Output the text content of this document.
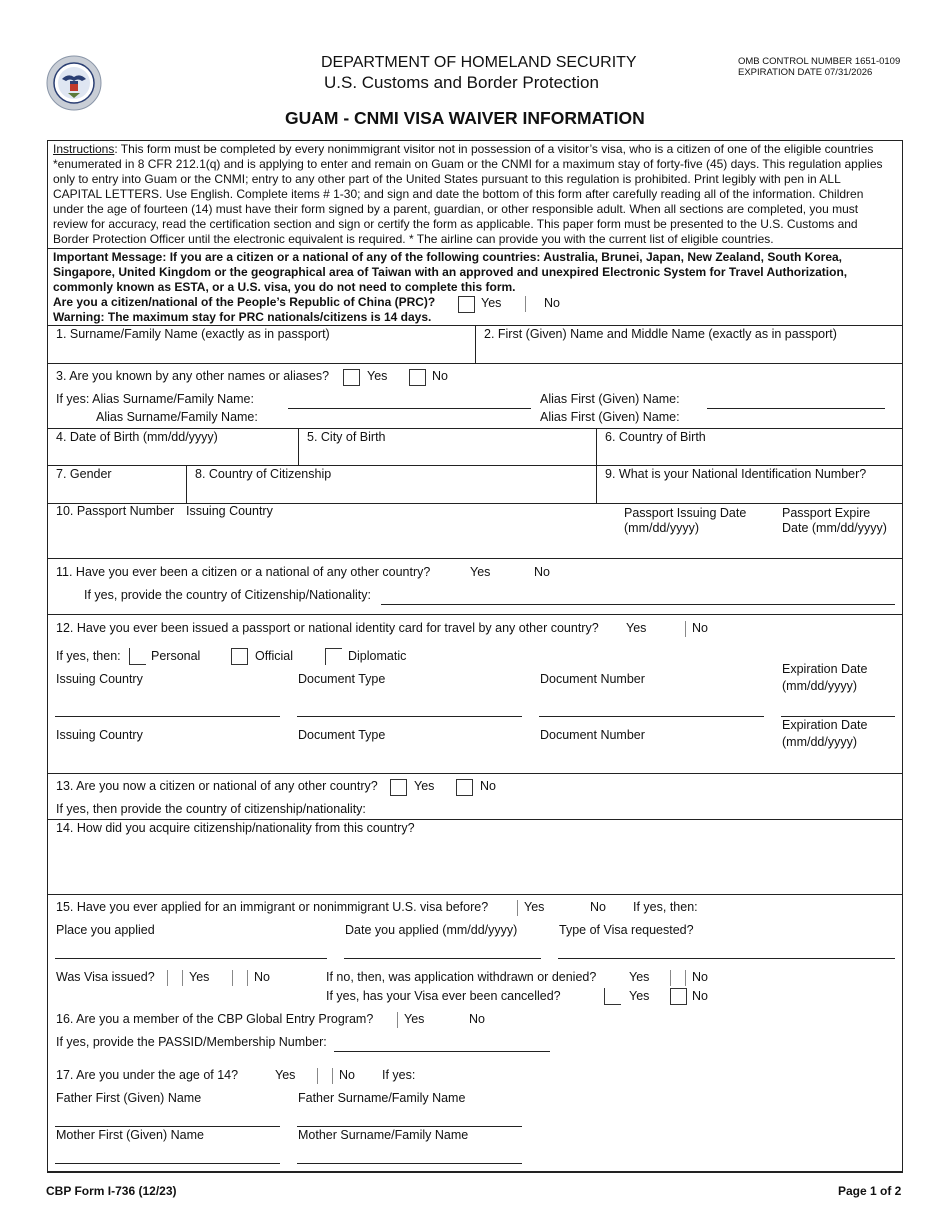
DEPARTMENT OF HOMELAND SECURITY
U.S. Customs and Border Protection
OMB CONTROL NUMBER 1651-0109
EXPIRATION DATE 07/31/2026
GUAM - CNMI VISA WAIVER INFORMATION
Instructions: This form must be completed by every nonimmigrant visitor not in possession of a visitor’s visa, who is a citizen of one of the eligible countries
*enumerated in 8 CFR 212.1(q) and is applying to enter and remain on Guam or the CNMI for a maximum stay of forty-five (45) days. This regulation applies
only to entry into Guam or the CNMI; entry to any other part of the United States pursuant to this regulation is prohibited. Print legibly with pen in ALL
CAPITAL LETTERS. Use English. Complete items # 1-30; and sign and date the bottom of this form after carefully reading all of the information. Children
under the age of fourteen (14) must have their form signed by a parent, guardian, or other responsible adult. When all sections are completed, you must
review for accuracy, read the certification section and sign or certify the form as applicable. This paper form must be presented to the U.S. Customs and
Border Protection Officer until the electronic equivalent is required. * The airline can provide you with the current list of eligible countries.
Important Message: If you are a citizen or a national of any of the following countries: Australia, Brunei, Japan, New Zealand, South Korea,
Singapore, United Kingdom or the geographical area of Taiwan with an approved and unexpired Electronic System for Travel Authorization,
commonly known as ESTA, or a U.S. visa, you do not need to complete this form.
Are you a citizen/national of the People’s Republic of China (PRC)?
Warning: The maximum stay for PRC nationals/citizens is 14 days.
Yes	No
1. Surname/Family Name (exactly as in passport)	2. First (Given) Name and Middle Name (exactly as in passport)
3. Are you known by any other names or aliases?	Yes	No
If yes: Alias Surname/Family Name:	Alias First (Given) Name:
Alias Surname/Family Name:	Alias First (Given) Name:
4. Date of Birth (mm/dd/yyyy)	5. City of Birth	6. Country of Birth
7. Gender	8. Country of Citizenship	9. What is your National Identification Number?
10. Passport Number Issuing Country	Passport Issuing Date
(mm/dd/yyyy)
Passport Expire
Date (mm/dd/yyyy)
11. Have you ever been a citizen or a national of any other country?	Yes	No
If yes, provide the country of Citizenship/Nationality:
12. Have you ever been issued a passport or national identity card for travel by any other country? Yes	No
If yes, then: Personal	Official	Diplomatic
Issuing Country	Document Type	Document Number
Expiration Date
(mm/dd/yyyy)
Issuing Country	Document Type	Document Number
Expiration Date
(mm/dd/yyyy)
13. Are you now a citizen or national of any other country?	Yes	No
If yes, then provide the country of citizenship/nationality:
14. How did you acquire citizenship/nationality from this country?
15. Have you ever applied for an immigrant or nonimmigrant U.S. visa before?	Yes	No If yes, then:
Place you applied	Date you applied (mm/dd/yyyy)	Type of Visa requested?
Was Visa issued?	Yes	No	If no, then, was application withdrawn or denied?	Yes	No
If yes, has your Visa ever been cancelled?	Yes	No
16. Are you a member of the CBP Global Entry Program? Yes	No
If yes, provide the PASSID/Membership Number:
17. Are you under the age of 14?	Yes	No If yes:
Father First (Given) Name	Father Surname/Family Name
Mother First (Given) Name	Mother Surname/Family Name
CBP Form I-736 (12/23)	Page 1 of 2
